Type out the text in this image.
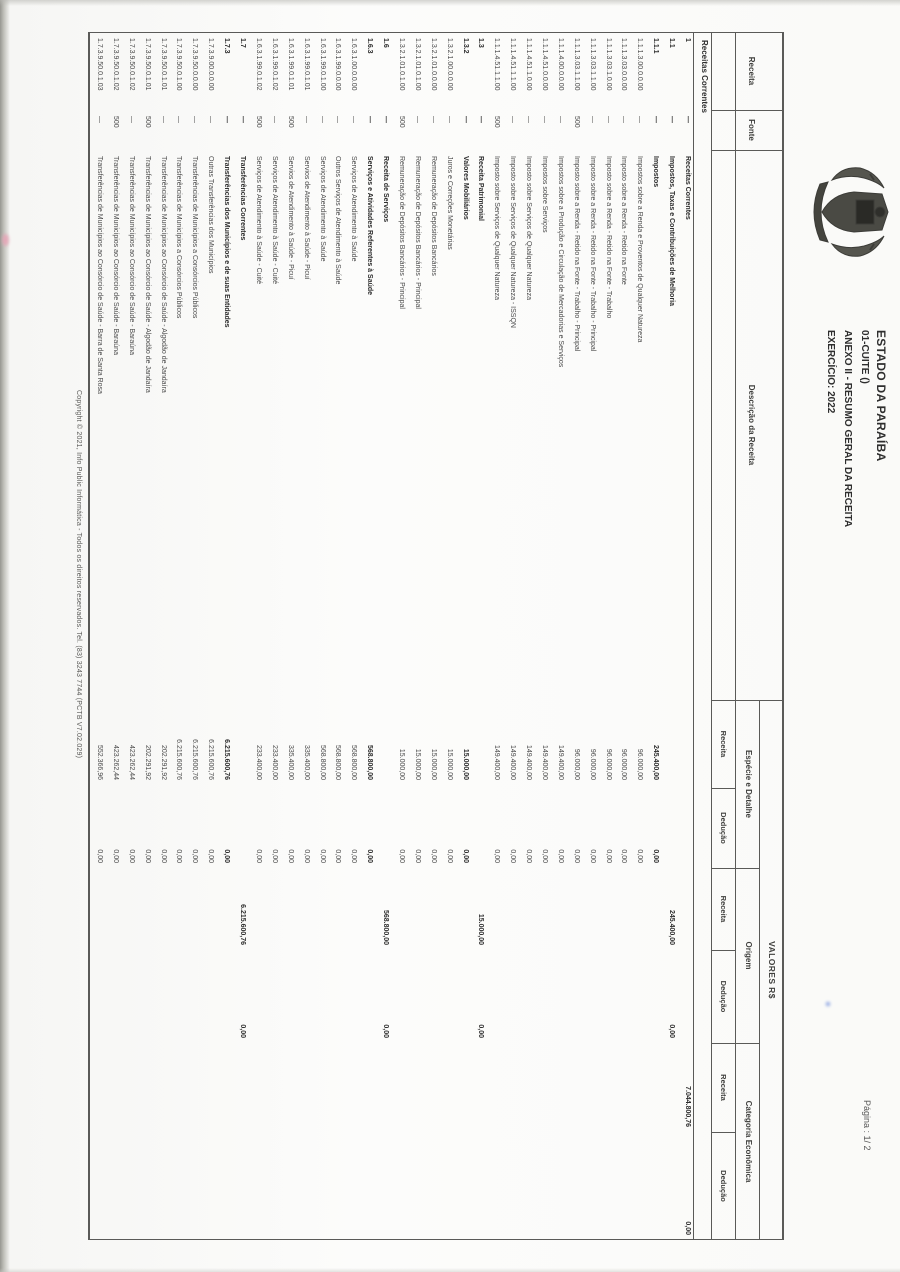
ESTADO DA PARAÍBA
01-CUITE ()
ANEXO II - RESUMO GERAL DA RECEITA
EXERCÍCIO: 2022
Página : 1/ 2
Receita
Fonte
Descrição da Receita
VALORES R$
Espécie e Detalhe
Origem
Categoria Econômica
Receita
Dedução
Receita
Dedução
Receita
Dedução
Receitas Correntes
1
—
Receitas Correntes
7.044.800,76
0,00
1.1
—
Impostos, Taxas e Contribuições de Melhoria
245.400,00
0,00
1.1.1
—
Impostos
245.400,00
0,00
1.1.1.3.00.0.0.00
—
Impostos sobre a Renda e Proventos de Qualquer Natureza
96.000,00
0,00
1.1.1.3.03.0.0.00
—
Imposto sobre a Renda - Retido na Fonte
96.000,00
0,00
1.1.1.3.03.1.0.00
—
Imposto sobre a Renda - Retido na Fonte - Trabalho
96.000,00
0,00
1.1.1.3.03.1.1.00
—
Imposto sobre a Renda - Retido na Fonte - Trabalho - Principal
96.000,00
0,00
1.1.1.3.03.1.1.00
500
Imposto sobre a Renda - Retido na Fonte - Trabalho - Principal
96.000,00
0,00
1.1.1.4.00.0.0.00
—
Impostos sobre a Produção e Circulação de Mercadorias e Serviços
149.400,00
0,00
1.1.1.4.51.0.0.00
—
Impostos sobre Serviços
149.400,00
0,00
1.1.1.4.51.1.0.00
—
Imposto sobre Serviços de Qualquer Natureza
149.400,00
0,00
1.1.1.4.51.1.1.00
—
Imposto sobre Serviços de Qualquer Natureza - ISSQN
149.400,00
0,00
1.1.1.4.51.1.1.00
500
Imposto sobre Serviços de Qualquer Natureza
149.400,00
0,00
1.3
—
Receita Patrimonial
15.000,00
0,00
1.3.2
—
Valores Mobiliários
15.000,00
0,00
1.3.2.1.00.0.0.00
—
Juros e Correções Monetárias
15.000,00
0,00
1.3.2.1.01.0.0.00
—
Remuneração de Depósitos Bancários
15.000,00
0,00
1.3.2.1.01.0.1.00
—
Remuneração de Depósitos Bancários - Principal
15.000,00
0,00
1.3.2.1.01.0.1.00
500
Remuneração de Depósitos Bancários - Principal
15.000,00
0,00
1.6
—
Receita de Serviços
568.800,00
0,00
1.6.3
—
Serviços e Atividades Referentes à Saúde
568.800,00
0,00
1.6.3.1.00.0.0.00
—
Serviços de Atendimento à Saúde
568.800,00
0,00
1.6.3.1.99.0.0.00
—
Outros Serviços de Atendimento à Saúde
568.800,00
0,00
1.6.3.1.99.0.1.00
—
Serviços de Atendimento à Saúde
568.800,00
0,00
1.6.3.1.99.0.1.01
—
Servios de Atendimento à Saúde - Picuí
335.400,00
0,00
1.6.3.1.99.0.1.01
500
Servios de Atendimento à Saúde - Picuí
335.400,00
0,00
1.6.3.1.99.0.1.02
—
Serviços de Atendimento à Saúde - Cuité
233.400,00
0,00
1.6.3.1.99.0.1.02
500
Serviços de Atendimento à Saúde - Cuité
233.400,00
0,00
1.7
—
Transferências Correntes
6.215.600,76
0,00
1.7.3
—
Transferências dos Municípios e de suas Entidades
6.215.600,76
0,00
1.7.3.9.00.0.0.00
—
Outras Transferências dos Municípios
6.215.600,76
0,00
1.7.3.9.50.0.0.00
—
Transferências de Municípios a Consórcios Públicos
6.215.600,76
0,00
1.7.3.9.50.0.1.00
—
Transferências de Municípios a Consórcios Públicos
6.215.600,76
0,00
1.7.3.9.50.0.1.01
—
Transferências de Municípios ao Consórcio de Saúde - Algodão de Jandaíra
202.291,92
0,00
1.7.3.9.50.0.1.01
500
Transferências de Municípios ao Consórcio de Saúde - Algodão de Jandaíra
202.291,92
0,00
1.7.3.9.50.0.1.02
—
Transferências de Municípios ao Consórcio de Saúde - Baraúna
423.262,44
0,00
1.7.3.9.50.0.1.02
500
Transferências de Municípios ao Consórcio de Saúde - Baraúna
423.262,44
0,00
1.7.3.9.50.0.1.03
—
Transferências de Municípios ao Consórcio de Saúde - Barra de Santa Rosa
552.366,96
0,00
Copyright © 2021, Info Public Informática - Todos os direitos reservados. Tel. (83) 3243 7744 (PCTB V7.02.029)
